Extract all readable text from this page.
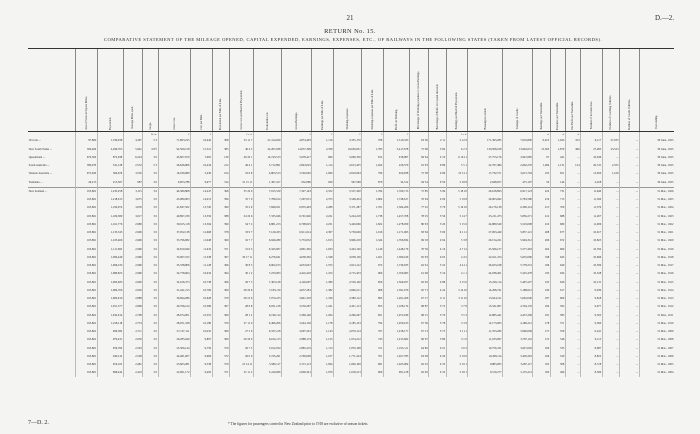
21	D.—2.
RETURN No. 15.
COMPARATIVE STATEMENT OF THE MILEAGE OPENED, CAPITAL EXPENDED, EARNINGS, EXPENSES, ETC., OF RAILWAYS IN THE FOLLOWING STATES (TAKEN FROM LATEST OFFICIAL RECORDS).
	Area of State in Square Miles.	Population.	Average Miles open.	Gauge.	Gross Cost.	Cost per Mile.	Population per Mile of Line.	Gross Cost per Head of Population.	Train-miles run.	Gross Earnings.	Earnings per Mile of Line.	Working-expenses.	Working-expenses per Mile of Line.	Profit on Working.	Percentage of Working-expenses to Gross Earnings.	Percentage of Profit on Capital invested.	Earnings per Head of Population.	Passengers carried.	Tonnage of Goods.	Earnings per Train-mile.	Expenses per Train-mile.	Net Profit per Train-mile.	Number of Locomotives.	Number of Coaching Vehicles.	Number of Goods Vehicles.	Year ending.
				Ft. in.	£	£		£ s. d.		£	£	£	£	£			£ s. d.			d.	d.	d.				
Victoria ...	87,884	1,339,938	4,367	5 3	71,803,195	16,442	308	53 11 7	21,314,920	4,874,493	1,116	3,355,170	768	1,519,323	63·36	2·11	3 12 9	171,393,285	7,610,800	9,913	1,643	353	6,117	27,035	...	30 June, 1925
New South Wales ...	309,460	2,299,763	5,961	4 8½	92,500,158	15,521	385	40 4 5	22,267,638	14,057,309	2,358	10,639,631	1,785	3,417,678	75·69	3·69	6 2 3	130,508,108	13,662,631	13,363	1,870	466	27,485	23,523	...	30 June, 1925
Queensland ...	670,500	872,938	6,224	3 6	43,607,670	7,005	139	49 19 1	14,743,513	5,978,417	960	5,060,330	812	918,087	84·64	2·10	6 16 11	27,753,176	3,947,685	97	441	...	10,636	...	...	30 June, 1925
South Australia ...	380,070	541,128	2,552	5 3	26,626,806	10,434	212	49 4 1	5,712,801	2,843,025	1,114	2,613,455	1,024	229,570	91·93	0·86	5 5 1	22,797,484	2,662,270	1,284	1,131	124	20,741	2,555	...	30 June, 1925
Western Australia ...	975,920	366,676	3,530	3 6	19,189,980	5,436	104	52 6 8	4,803,513	3,740,002	1,060	2,819,064	799	920,938	75·38	4·80	10 3 11	17,732,571	3,015,704	103	651	...	13,650	1,100	...	30 June, 1925
Tasmania ...	26,215	215,567	687	3 6	6,853,788	9,977	314	31 15 11	1,397,417	632,080	920	597,568	870	34,512	94·54	0·50	2 18 8	2,948,657	475,107	59	144	...	2,018	...	...	30 June, 1925
New Zealand ...	103,861	1,233,258	3,115	3 6	44,380,808	14,247	396	35 19 9	7,915,310	7,327,143	2,352	5,557,430	1,784	1,769,713	75·85	3·99	5 18 10	26,618,893	6,917,123	222	731	...	11,640	...	...	31 Mar., 1926
	103,861	1,218,913	3,075	3 6	43,089,005	14,013	396	35 7 0	7,786,014	7,297,051	2,373	5,548,434	1,804	1,748,617	76·04	4·06	5 19 8	26,903,062	6,783,580	219	715	...	11,500	...	...	31 Mar., 1925
	103,861	1,190,974	3,050	3 6	41,847,562	13,720	390	35 2 9	7,666,811	6,955,493	2,280	5,371,287	1,761	1,584,206	77·22	3·79	5 16 10	26,176,138	6,369,114	215	700	...	11,379	...	...	31 Mar., 1924
	103,861	1,169,389	3,017	3 6	40,897,230	13,556	388	34 19 6	7,335,046	6,701,926	2,221	5,244,218	1,738	1,457,708	78·25	3·56	5 14 7	25,211,473	5,856,271	212	688	...	11,207	...	...	31 Mar., 1923
	103,861	1,161,776	2,980	3 6	39,915,118	13,394	390	34 7 2	6,881,213	6,708,025	2,251	5,429,066	1,822	1,278,959	80·93	3·20	5 15 6	24,889,540	5,519,098	210	680	...	11,006	...	...	31 Mar., 1922
	103,861	1,133,545	2,996	3 6	37,952,138	12,668	378	33 9 7	7,129,453	6,911,014	2,307	5,739,049	1,916	1,171,965	83·04	3·09	6 1 11	27,093,440	5,857,121	208	677	...	10,917	...	...	31 Mar., 1921
	103,861	1,105,469	2,996	3 6	35,796,082	11,948	369	32 7 7	6,949,280	5,733,052	1,913	3,966,218	1,324	1,766,834	69·18	4·94	5 3 8	29,154,221	5,994,312	206	672	...	10,825	...	...	31 Mar., 1920
	103,861	1,111,693	2,996	3 6	34,810,049	11,619	371	31 6 3	6,345,007	4,891,302	1,633	3,443,126	1,149	1,448,176	70·39	4·16	4 7 12	23,566,157	5,577,463	202	660	...	10,792	...	...	31 Mar., 1919
	103,861	1,099,449	2,996	3 6	33,967,165	11,338	367	30 17 11	6,276,041	4,638,302	1,548	3,058,136	1,021	1,580,166	65·93	4·65	4 4 5	22,911,474	5,655,090	198	645	...	10,696	...	...	31 Mar., 1918
	103,861	1,096,233	2,996	3 6	33,338,806	11,128	366	30 8 3	6,902,013	4,653,047	1,553	2,913,112	972	1,739,935	62·61	5·22	4 4 11	26,023,168	5,778,231	196	640	...	10,509	...	...	31 Mar., 1917
	103,861	1,089,825	2,996	3 6	32,758,604	10,934	364	30 1 2	7,233,003	4,416,418	1,474	2,715,453	906	1,700,965	61·48	5·19	4 1 1	24,938,401	5,545,478	195	634	...	10,328	...	...	31 Mar., 1916
	103,861	1,093,483	2,990	3 6	32,106,373	10,738	366	29 7 3	7,303,128	4,126,097	1,380	2,559,140	856	1,566,957	62·02	4·88	3 15 6	15,226,114	5,407,227	193	626	...	10,131	...	...	31 Mar., 1915
	103,861	1,084,706	2,936	3 6	31,441,213	10,709	369	28 19 8	7,183,119	4,057,281	1,382	2,666,211	908	1,391,070	65·71	4·42	3 14 10	14,298,741	5,188,612	190	617	...	9,939	...	...	31 Mar., 1914
	103,861	1,069,910	2,888	3 6	30,694,286	10,628	370	28 13 9	7,074,233	3,841,318	1,330	2,580,112	893	1,261,206	67·17	4·11	3 11 10	13,924,511	5,062,040	187	606	...	9,818	...	...	31 Mar., 1913
	103,861	1,051,577	2,868	3 6	29,796,124	10,389	367	28 6 8	6,931,218	3,559,287	1,241	2,451,113	855	1,108,174	68·87	3·72	3 7 8	13,541,807	4,794,135	184	595	...	9,677	...	...	31 Mar., 1912
	103,861	1,032,614	2,798	3 6	28,974,001	10,355	369	28 1 2	6,749,114	3,369,146	1,204	2,296,207	821	1,072,939	68·15	3·70	3 5 3	12,885,441	4,457,209	181	583	...	9,503	...	...	31 Mar., 1911
	103,861	1,018,118	2,753	3 6	28,051,328	10,189	370	27 11 0	6,496,206	3,244,136	1,178	2,185,123	794	1,059,013	67·36	3·78	3 3 9	12,173,905	4,186,212	178	571	...	9,360	...	...	31 Mar., 1910
	103,861	999,582	2,711	3 6	27,137,111	10,010	369	27 3 0	6,337,218	3,097,291	1,143	2,079,114	767	1,018,177	67·13	3·75	3 1 11	11,763,282	3,960,009	175	559	...	9,241	...	...	31 Mar., 1909
	103,861	979,431	2,656	3 6	26,285,040	9,897	369	26 16 9	6,104,113	2,988,174	1,125	1,974,212	743	1,013,962	66·07	3·86	3 1 0	11,183,097	3,787,116	172	546	...	9,115	...	...	31 Mar., 1908
	103,861	959,700	2,593	3 6	25,306,144	9,759	370	26 7 5	5,912,034	2,885,219	1,113	1,870,108	721	1,015,111	64·82	4·01	3 0 2	10,756,331	3,627,005	169	533	...	8,987	...	...	31 Mar., 1907
	103,861	940,212	2,528	3 6	24,481,007	9,684	372	26 0 9	5,745,261	2,799,009	1,107	1,771,224	701	1,027,785	63·28	4·20	2 19 6	10,298,114	3,430,281	166	520	...	8,853	...	...	31 Mar., 1906
	103,861	919,103	2,481	3 6	23,663,281	9,538	370	25 14 11	5,580,117	2,715,113	1,094	1,690,109	681	1,025,004	62·25	4·33	2 19 1	9,883,005	3,287,117	163	508	...	8,718	...	...	31 Mar., 1905
	103,861	898,442	2,419	3 6	22,961,172	9,492	371	25 11 2	5,419,006	2,609,341	1,079	1,618,213	669	991,128	62·02	4·32	2 18 1	9,519,277	3,155,221	160	496	...	8,584	...	...	31 Mar., 1904
7—D. 2.	* The figures for passengers carried in New Zealand prior to 1918 are exclusive of season tickets.
